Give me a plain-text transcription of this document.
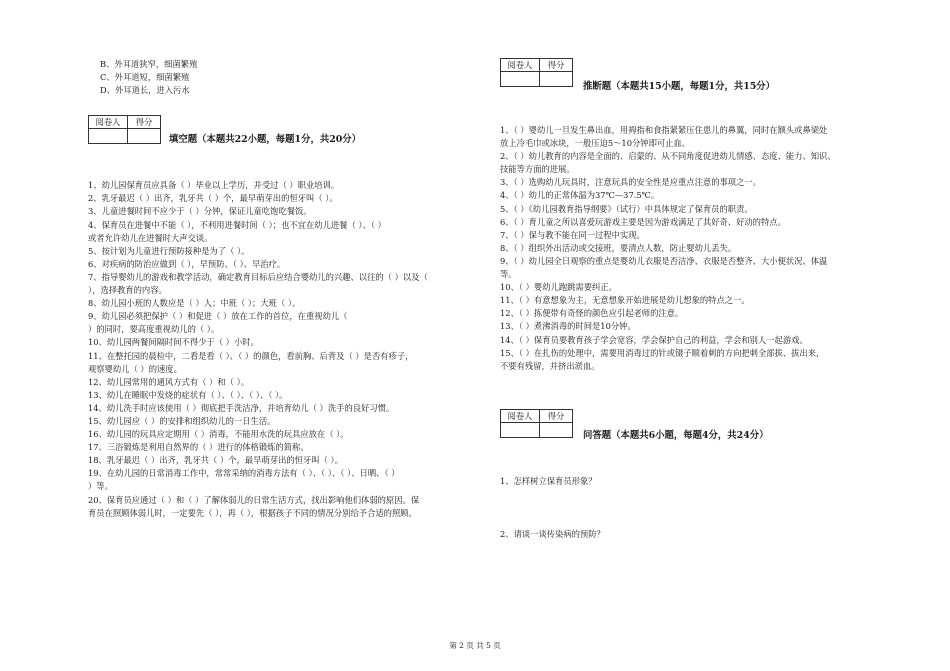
B、外耳道狭窄，细菌繁殖
C、外耳道短，细菌繁殖
D、外耳道长，进入污水
阅卷人	得分

填空题（本题共22小题，每题1分，共20分）
1、幼儿园保育员应具备（ ）毕业以上学历，并受过（ ）职业培训。
2、乳牙最迟（ ）出齐，乳牙共（ ）个，最早萌芽出的恒牙叫（ ）。
3、儿童进餐时间不应少于（ ）分钟，保证儿童吃饱吃餐饭。
4、保育员在进餐中不能（ ），不利用进餐时间（ ）；也不宜在幼儿进餐（ ）、（ ）
或者允许幼儿在进餐时大声交谈。
5、按计划为儿童进行预防接种是为了（ ）。
6、对疾病的防治应做到（ ），早预防、（ ）、早治疗。
7、指导婴幼儿的游戏和教学活动，确定教育目标后应结合婴幼儿的兴趣、以往的（ ）以及（
），选择教育的内容。
8、幼儿园小班的人数应是（ ）人；中班（ ）；大班（ ）。
9、幼儿园必须把保护（ ）和促进（ ）放在工作的首位，在重视幼儿（
）的同时，要高度重视幼儿的（ ）。
10、幼儿园两餐间隔时间不得少于（ ）小时。
11、在整托园的晨检中，二看是看（ ）、（ ）的颜色，看前胸、后背及（ ）是否有疹子，
观察婴幼儿（ ）的速度。
12、幼儿园常用的通风方式有（ ）和（ ）。
13、幼儿在睡眠中发烧的症状有（ ）、（ ）、（ ）、（ ）。
14、幼儿洗手时应该使用（ ）彻底把手洗洁净，并培育幼儿（ ）洗手的良好习惯。
15、幼儿园应（ ）的安排和组织幼儿的一日生活。
16、幼儿园的玩具应定期用（ ）消毒，不能用水洗的玩具应放在（ ）。
17、三浴锻炼是利用自然界的（ ）进行的体格锻炼的简称。
18、乳牙最迟（ ）出齐，乳牙共（ ）个，最早萌芽出的恒牙叫（ ）。
19、在幼儿园的日常消毒工作中，常常采纳的消毒方法有（ ）、（ ）、（ ）、日晒、（ ）
）等。
20、保育员应通过（ ）和（ ）了解体弱儿的日常生活方式，找出影响他们体弱的原因。保
育员在照顾体弱儿时，一定要先（ ），再（ ），根据孩子不同的情况分别给予合适的照顾。
阅卷人	得分

推断题（本题共15小题，每题1分，共15分）
1、（ ）婴幼儿一旦发生鼻出血，用拇指和食指紧紧压住患儿的鼻翼，同时在额头或鼻梁处
放上冷毛巾或冰块，一般压迫5～10分钟即可止血。
2、（ ）幼儿教育的内容是全面的、启蒙的、从不同角度促进幼儿情感、态度、能力、知识、
技能等方面的进展。
3、（ ）选购幼儿玩具时，注意玩具的安全性是应重点注意的事项之一。
4、（ ）幼儿的正常体温为37℃—37.5℃。
5、（ ）《幼儿园教育指导纲要》（试行）中具体规定了保育员的职责。
6、（ ）育儿童之所以喜爱玩游戏主要是因为游戏满足了其好奇、好动的特点。
7、（ ）保与教不能在同一过程中实现。
8、（ ）组织外出活动或交接班，要清点人数，防止婴幼儿丢失。
9、（ ）幼儿园全日观察的重点是婴幼儿衣服是否洁净、衣服是否整齐、大小便状况、体温
等。
10、（ ）婴幼儿跑跳需要纠正。
11、（ ）有意想象为主，无意想象开始进展是幼儿想象的特点之一。
12、（ ）拣便带有奇怪的颜色应引起老师的注意。
13、（ ）煮沸消毒的时间是10分钟。
14、（ ）保育员要教育孩子学会宽容，学会保护自己的利益，学会和别人一起游戏。
15、（ ）在扎伤的处理中，需要用消毒过的针或镊子顺着刺的方向把刺全部拔、拔出来，
不要有残留，并挤出淤血。
阅卷人	得分

问答题（本题共6小题，每题4分，共24分）
1、怎样树立保育员形象？
2、请谈一谈传染病的预防？
第 2 页 共 5 页
